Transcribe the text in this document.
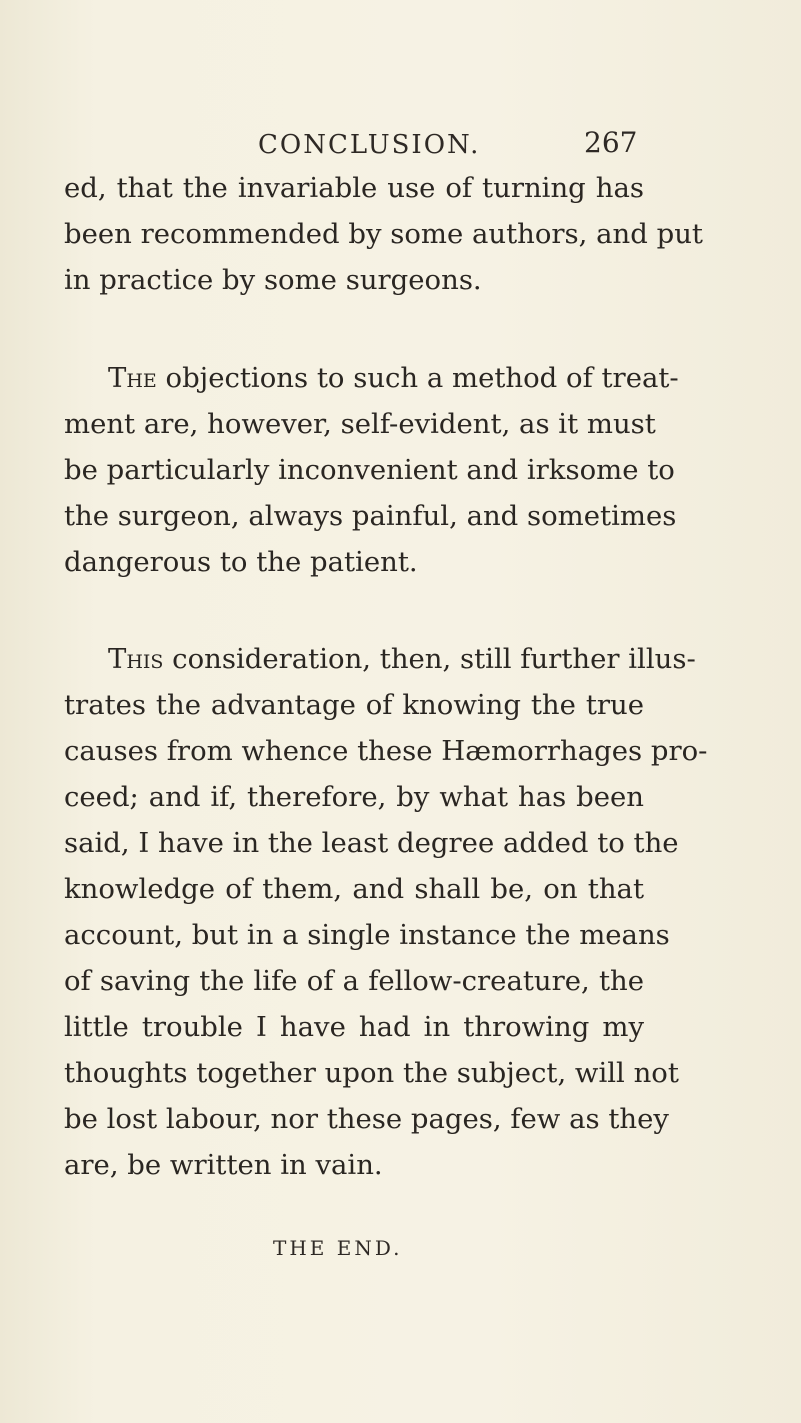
CONCLUSION.	267
ed, that the invariable use of turning has
been recommended by some authors, and put
in practice by some surgeons.
The objections to such a method of treat-
ment are, however, self-evident, as it must
be particularly inconvenient and irksome to
the surgeon, always painful, and sometimes
dangerous to the patient.
This consideration, then, still further illus-
trates the advantage of knowing the true
causes from whence these Hæmorrhages pro-
ceed; and if, therefore, by what has been
said, I have in the least degree added to the
knowledge of them, and shall be, on that
account, but in a single instance the means
of saving the life of a fellow-creature, the
little trouble I have had in throwing my
thoughts together upon the subject, will not
be lost labour, nor these pages, few as they
are, be written in vain.
THE END.
